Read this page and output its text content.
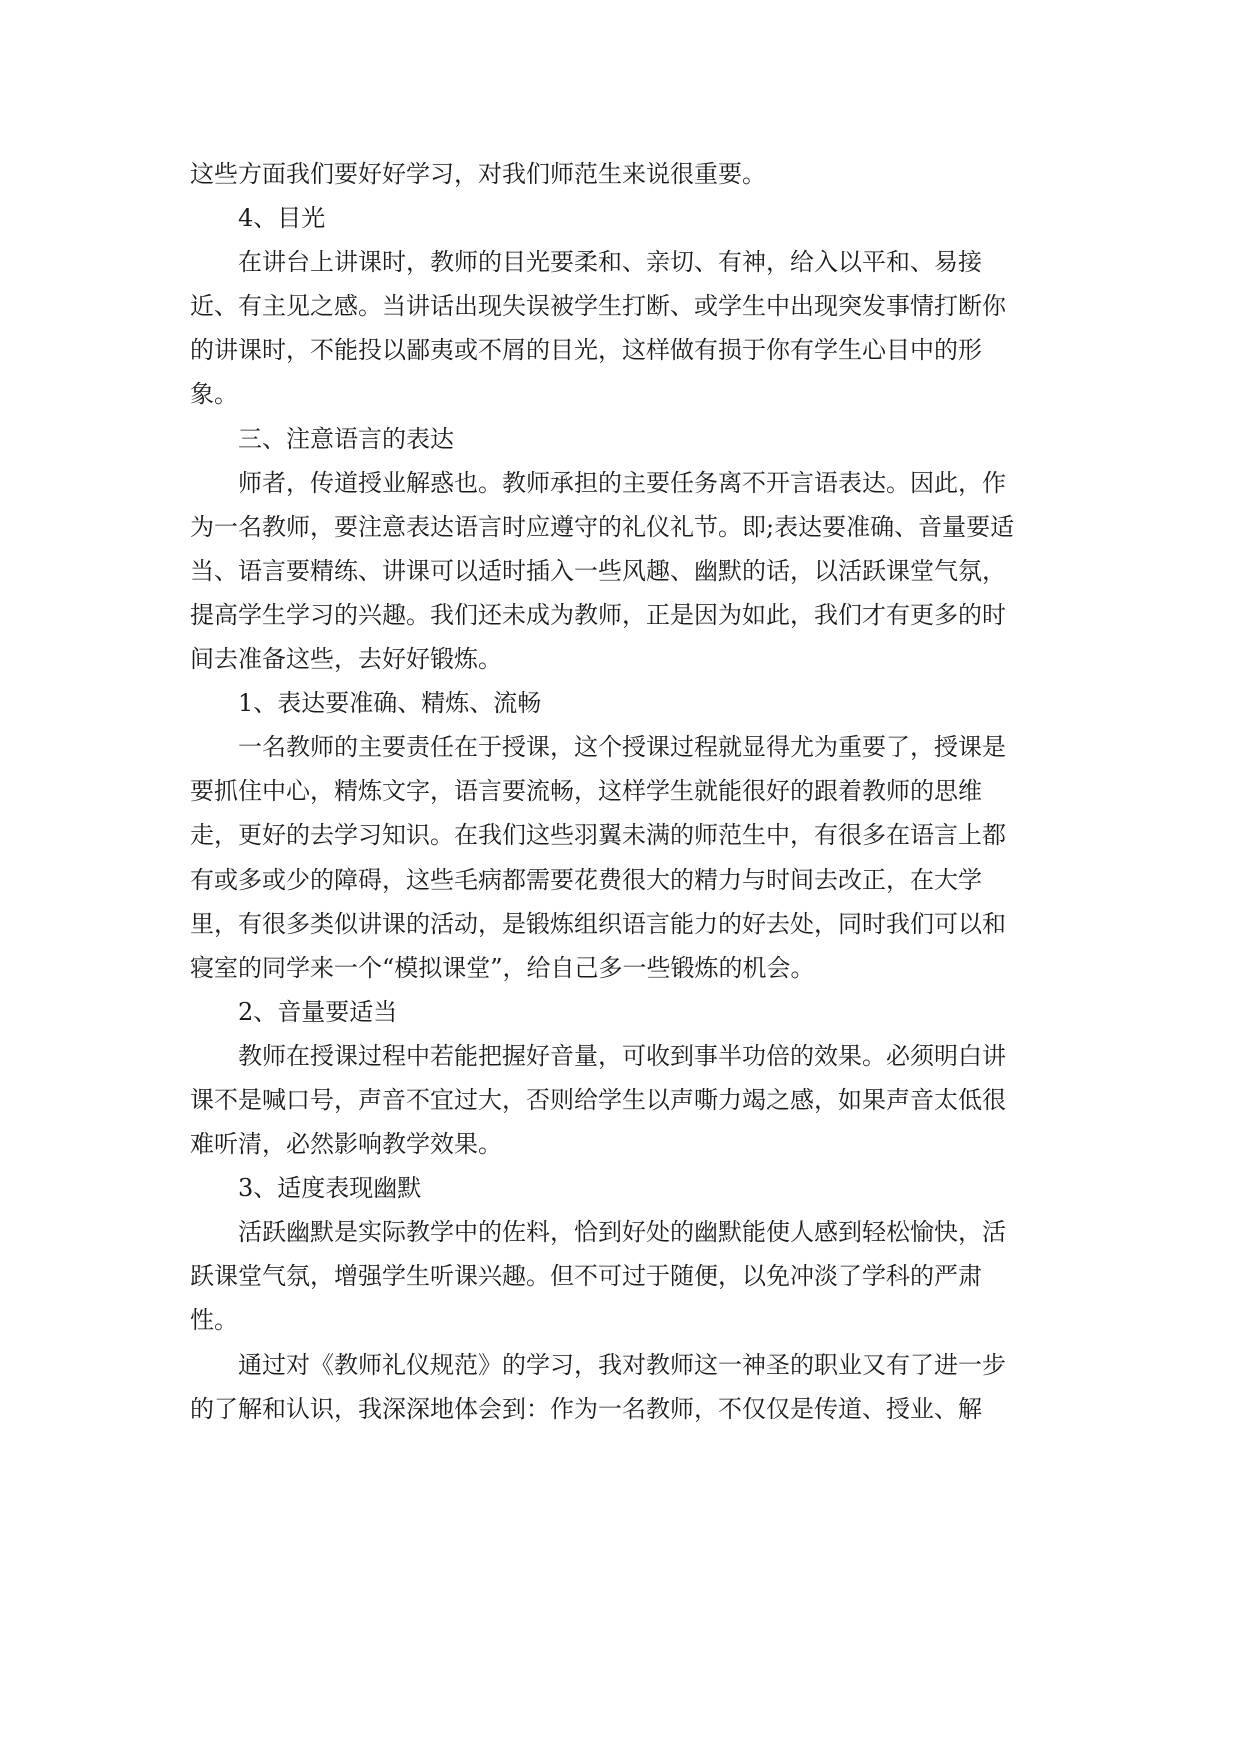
这些方面我们要好好学习，对我们师范生来说很重要。
4、目光
在讲台上讲课时，教师的目光要柔和、亲切、有神，给入以平和、易接
近、有主见之感。当讲话出现失误被学生打断、或学生中出现突发事情打断你
的讲课时，不能投以鄙夷或不屑的目光，这样做有损于你有学生心目中的形
象。
三、注意语言的表达
师者，传道授业解惑也。教师承担的主要任务离不开言语表达。因此，作
为一名教师，要注意表达语言时应遵守的礼仪礼节。即;表达要准确、音量要适
当、语言要精练、讲课可以适时插入一些风趣、幽默的话，以活跃课堂气氛，
提高学生学习的兴趣。我们还未成为教师，正是因为如此，我们才有更多的时
间去准备这些，去好好锻炼。
1、表达要准确、精炼、流畅
一名教师的主要责任在于授课，这个授课过程就显得尤为重要了，授课是
要抓住中心，精炼文字，语言要流畅，这样学生就能很好的跟着教师的思维
走，更好的去学习知识。在我们这些羽翼未满的师范生中，有很多在语言上都
有或多或少的障碍，这些毛病都需要花费很大的精力与时间去改正，在大学
里，有很多类似讲课的活动，是锻炼组织语言能力的好去处，同时我们可以和
寝室的同学来一个“模拟课堂”，给自己多一些锻炼的机会。
2、音量要适当
教师在授课过程中若能把握好音量，可收到事半功倍的效果。必须明白讲
课不是喊口号，声音不宜过大，否则给学生以声嘶力竭之感，如果声音太低很
难听清，必然影响教学效果。
3、适度表现幽默
活跃幽默是实际教学中的佐料，恰到好处的幽默能使人感到轻松愉快，活
跃课堂气氛，增强学生听课兴趣。但不可过于随便，以免冲淡了学科的严肃
性。
通过对《教师礼仪规范》的学习，我对教师这一神圣的职业又有了进一步
的了解和认识，我深深地体会到：作为一名教师，不仅仅是传道、授业、解
